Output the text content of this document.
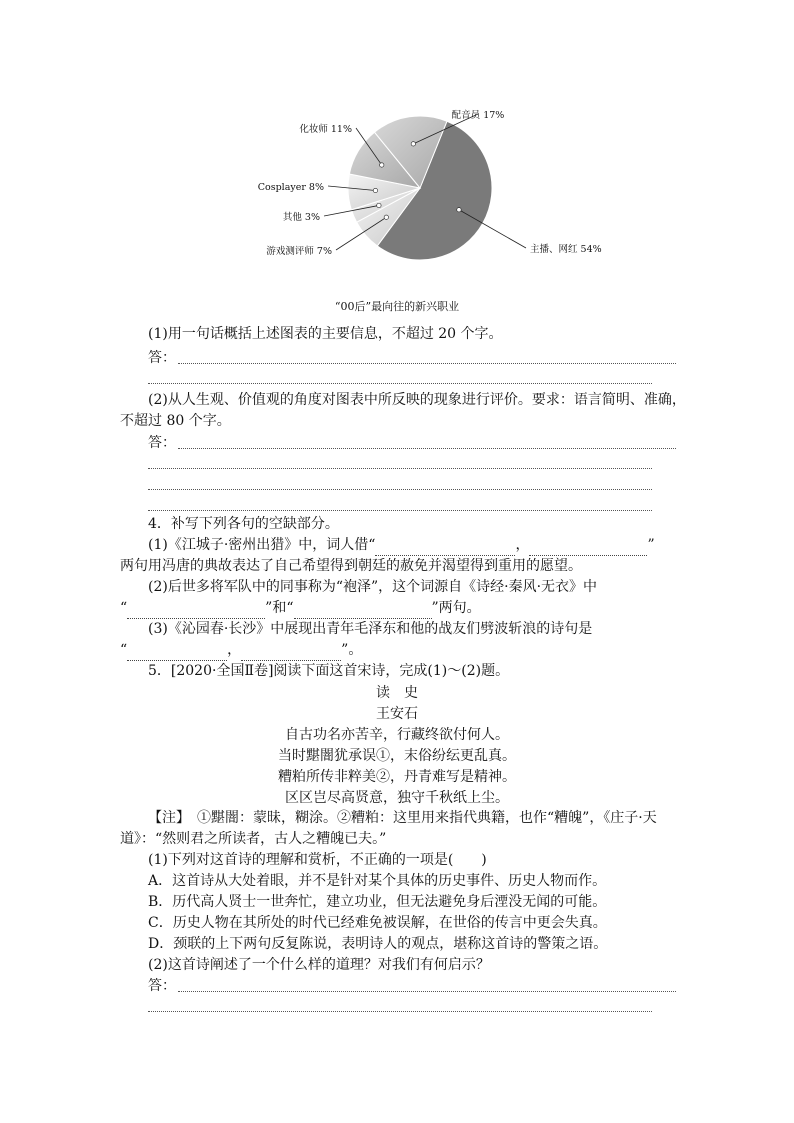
主播、网红 54%
游戏测评师 7%
其他 3%
Cosplayer 8%
化妆师 11%
配音员 17%
“00后”最向往的新兴职业
(1)用一句话概括上述图表的主要信息，不超过 20 个字。
答：
(2)从人生观、价值观的角度对图表中所反映的现象进行评价。要求：语言简明、准确，
不超过 80 个字。
答：
4．补写下列各句的空缺部分。
(1)《江城子·密州出猎》中，词人借“	，	”
两句用冯唐的典故表达了自己希望得到朝廷的赦免并渴望得到重用的愿望。
(2)后世多将军队中的同事称为“袍泽”，这个词源自《诗经·秦风·无衣》中
“	”和“	”两句。
(3)《沁园春·长沙》中展现出青年毛泽东和他的战友们劈波斩浪的诗句是
“	，	”。
5．[2020·全国Ⅱ卷]阅读下面这首宋诗，完成(1)～(2)题。
读　史
王安石
自古功名亦苦辛，行藏终欲付何人。
当时黮闇犹承误①，末俗纷纭更乱真。
糟粕所传非粹美②，丹青难写是精神。
区区岂尽高贤意，独守千秋纸上尘。
【注】　①黮闇：蒙昧，糊涂。②糟粕：这里用来指代典籍，也作“糟魄”，《庄子·天
道》：“然则君之所读者，古人之糟魄已夫。”
(1)下列对这首诗的理解和赏析，不正确的一项是(　　)
A．这首诗从大处着眼，并不是针对某个具体的历史事件、历史人物而作。
B．历代高人贤士一世奔忙，建立功业，但无法避免身后湮没无闻的可能。
C．历史人物在其所处的时代已经难免被误解，在世俗的传言中更会失真。
D．颈联的上下两句反复陈说，表明诗人的观点，堪称这首诗的警策之语。
(2)这首诗阐述了一个什么样的道理？对我们有何启示？
答：
